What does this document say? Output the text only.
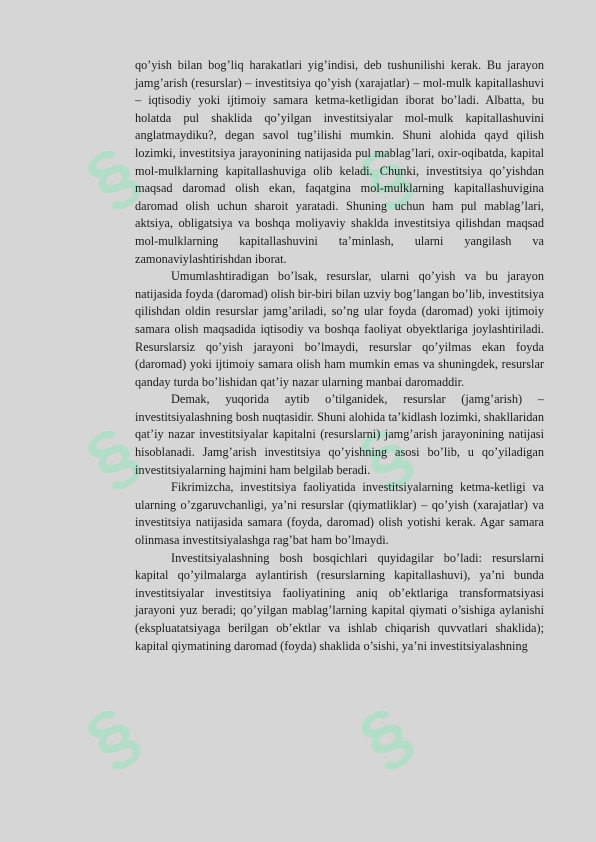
§	§
§	§
§	§

qo’yish bilan bog’liq harakatlari yig’indisi, deb tushunilishi kerak. Bu jarayon jamg’arish (resurslar) – investitsiya qo’yish (xarajatlar) – mol-mulk kapitallashuvi – iqtisodiy yoki ijtimoiy samara ketma-ketligidan iborat bo’ladi. Albatta, bu holatda pul shaklida qo’yilgan investitsiyalar mol-mulk kapitallashuvini anglatmaydiku?, degan savol tug’ilishi mumkin. Shuni alohida qayd qilish lozimki, investitsiya jarayonining natijasida pul mablag’lari, oxir-oqibatda, kapital mol-mulklarning kapitallashuviga olib keladi. Chunki, investitsiya qo’yishdan maqsad daromad olish ekan, faqatgina mol-mulklarning kapitallashuvigina daromad olish uchun sharoit yaratadi. Shuning uchun ham pul mablag’lari, aktsiya, obligatsiya va boshqa moliyaviy shaklda investitsiya qilishdan maqsad mol-mulklarning kapitallashuvini ta’minlash, ularni yangilash va zamonaviylashtirishdan iborat.

Umumlashtiradigan bo’lsak, resurslar, ularni qo’yish va bu jarayon natijasida foyda (daromad) olish bir-biri bilan uzviy bog’langan bo’lib, investitsiya qilishdan oldin resurslar jamg’ariladi, so’ng ular foyda (daromad) yoki ijtimoiy samara olish maqsadida iqtisodiy va boshqa faoliyat obyektlariga joylashtiriladi. Resurslarsiz qo’yish jarayoni bo’lmaydi, resurslar qo’yilmas ekan foyda (daromad) yoki ijtimoiy samara olish ham mumkin emas va shuningdek, resurslar qanday turda bo’lishidan qat’iy nazar ularning manbai daromaddir.

Demak, yuqorida aytib o’tilganidek, resurslar (jamg’arish) – investitsiyalashning bosh nuqtasidir. Shuni alohida ta’kidlash lozimki, shakllaridan qat’iy nazar investitsiyalar kapitalni (resurslarni) jamg’arish jarayonining natijasi hisoblanadi. Jamg’arish investitsiya qo’yishning asosi bo’lib, u qo’yiladigan investitsiyalarning hajmini ham belgilab beradi.

Fikrimizcha, investitsiya faoliyatida investitsiyalarning ketma-ketligi va ularning o’zgaruvchanligi, ya’ni resurslar (qiymatliklar) – qo’yish (xarajatlar) va investitsiya natijasida samara (foyda, daromad) olish yotishi kerak. Agar samara olinmasa investitsiyalashga rag’bat ham bo’lmaydi.

Investitsiyalashning bosh bosqichlari quyidagilar bo’ladi: resurslarni kapital qo’yilmalarga aylantirish (resurslarning kapitallashuvi), ya’ni bunda investitsiyalar investitsiya faoliyatining aniq ob’ektlariga transformatsiyasi jarayoni yuz beradi; qo’yilgan mablag’larning kapital qiymati o’sishiga aylanishi (ekspluatatsiyaga berilgan ob’ektlar va ishlab chiqarish quvvatlari shaklida); kapital qiymatining daromad (foyda) shaklida o’sishi, ya’ni investitsiyalashning
